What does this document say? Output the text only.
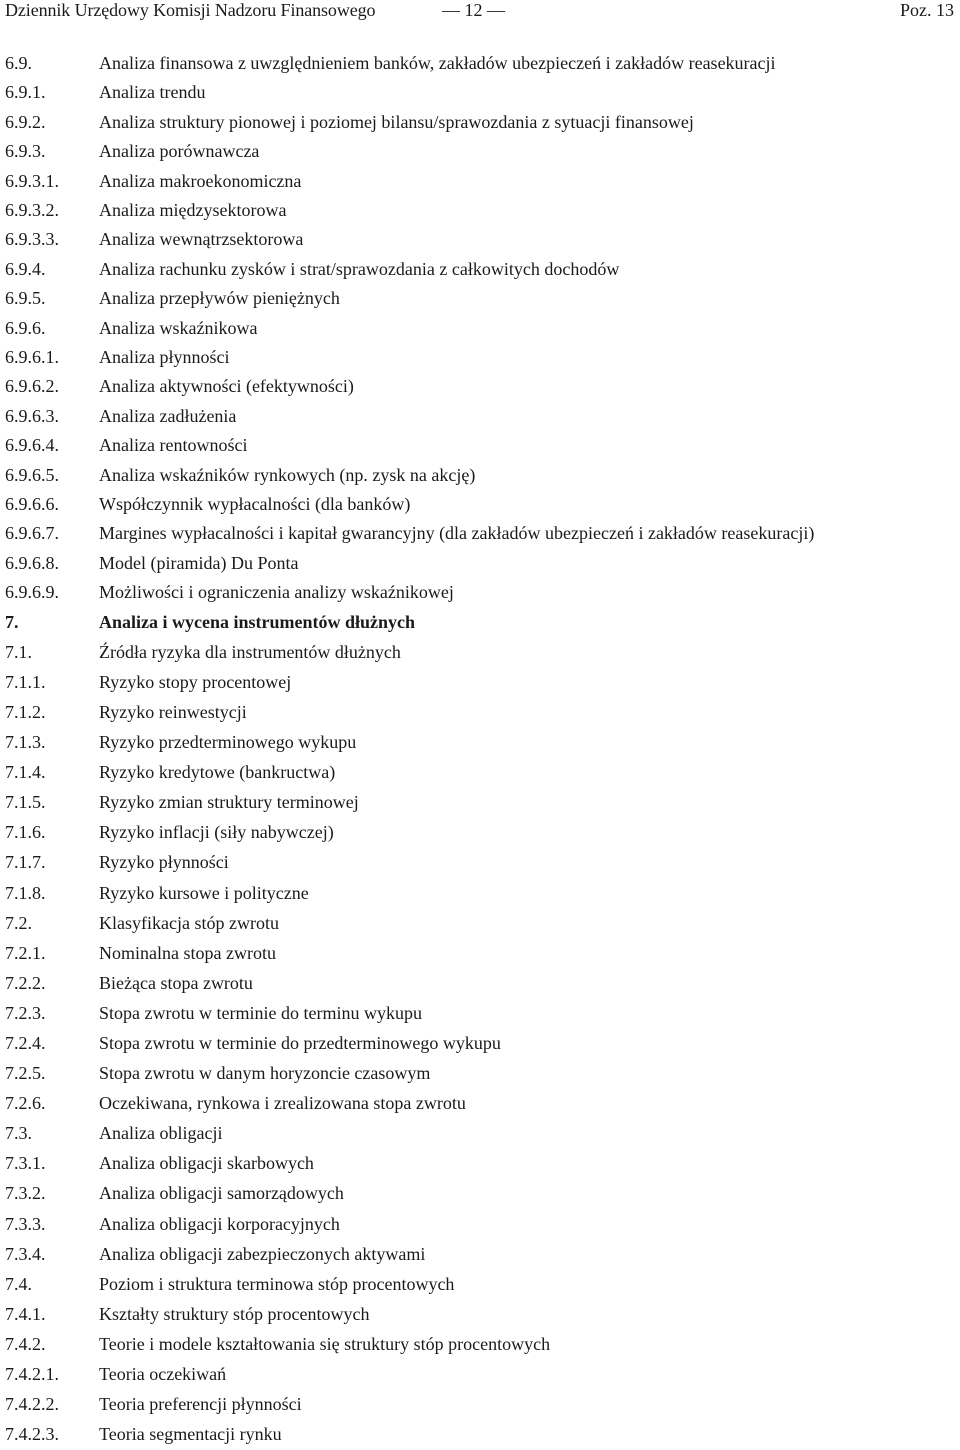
Dziennik Urzędowy Komisji Nadzoru Finansowego	— 12 —	Poz. 13
6.9.	Analiza finansowa z uwzględnieniem banków, zakładów ubezpieczeń i zakładów reasekuracji
6.9.1.	Analiza trendu
6.9.2.	Analiza struktury pionowej i poziomej bilansu/sprawozdania z sytuacji finansowej
6.9.3.	Analiza porównawcza
6.9.3.1. Analiza makroekonomiczna
6.9.3.2. Analiza międzysektorowa
6.9.3.3. Analiza wewnątrzsektorowa
6.9.4.	Analiza rachunku zysków i strat/sprawozdania z całkowitych dochodów
6.9.5.	Analiza przepływów pieniężnych
6.9.6.	Analiza wskaźnikowa
6.9.6.1. Analiza płynności
6.9.6.2. Analiza aktywności (efektywności)
6.9.6.3. Analiza zadłużenia
6.9.6.4. Analiza rentowności
6.9.6.5. Analiza wskaźników rynkowych (np. zysk na akcję)
6.9.6.6. Współczynnik wypłacalności (dla banków)
6.9.6.7. Margines wypłacalności i kapitał gwarancyjny (dla zakładów ubezpieczeń i zakładów reasekuracji)
6.9.6.8. Model (piramida) Du Ponta
6.9.6.9. Możliwości i ograniczenia analizy wskaźnikowej
7.	Analiza i wycena instrumentów dłużnych
7.1.	Źródła ryzyka dla instrumentów dłużnych
7.1.1.	Ryzyko stopy procentowej
7.1.2.	Ryzyko reinwestycji
7.1.3.	Ryzyko przedterminowego wykupu
7.1.4.	Ryzyko kredytowe (bankructwa)
7.1.5.	Ryzyko zmian struktury terminowej
7.1.6.	Ryzyko inflacji (siły nabywczej)
7.1.7.	Ryzyko płynności
7.1.8.	Ryzyko kursowe i polityczne
7.2.	Klasyfikacja stóp zwrotu
7.2.1.	Nominalna stopa zwrotu
7.2.2.	Bieżąca stopa zwrotu
7.2.3.	Stopa zwrotu w terminie do terminu wykupu
7.2.4.	Stopa zwrotu w terminie do przedterminowego wykupu
7.2.5.	Stopa zwrotu w danym horyzoncie czasowym
7.2.6.	Oczekiwana, rynkowa i zrealizowana stopa zwrotu
7.3.	Analiza obligacji
7.3.1.	Analiza obligacji skarbowych
7.3.2.	Analiza obligacji samorządowych
7.3.3.	Analiza obligacji korporacyjnych
7.3.4.	Analiza obligacji zabezpieczonych aktywami
7.4.	Poziom i struktura terminowa stóp procentowych
7.4.1.	Kształty struktury stóp procentowych
7.4.2.	Teorie i modele kształtowania się struktury stóp procentowych
7.4.2.1. Teoria oczekiwań
7.4.2.2. Teoria preferencji płynności
7.4.2.3. Teoria segmentacji rynku
